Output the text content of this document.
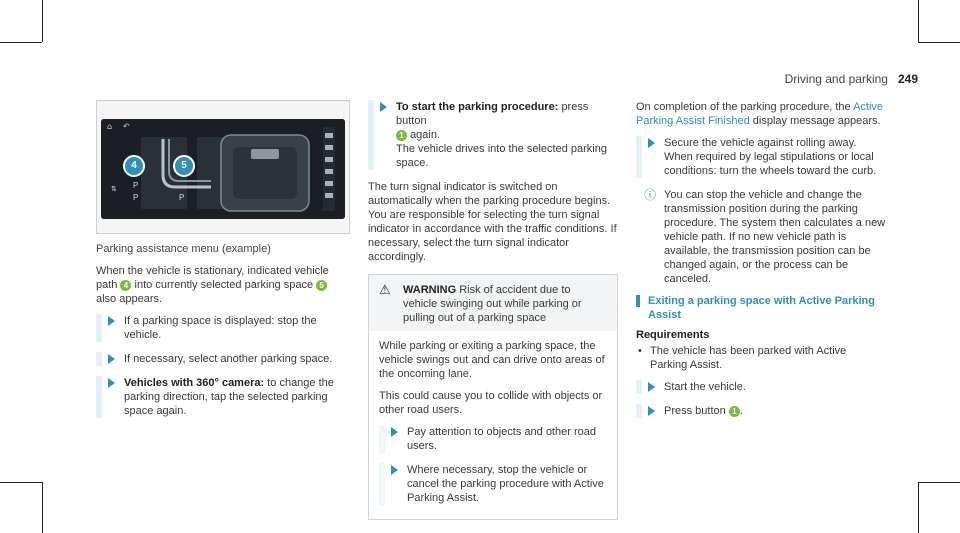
Driving and parking 249
⌂ ↶
⇅ P
P	P
4	5
Parking assistance menu (example)

When the vehicle is stationary, indicated vehicle path 4 into currently selected parking space 5 also appears.

If a parking space is displayed: stop the vehicle.
If necessary, select another parking space.
Vehicles with 360° camera: to change the parking direction, tap the selected parking space again.
To start the parking procedure: press button
1 again.
The vehicle drives into the selected parking space.

The turn signal indicator is switched on automatically when the parking procedure begins. You are responsible for selecting the turn signal indicator in accordance with the traffic conditions. If necessary, select the turn signal indicator accordingly.

⚠ WARNING Risk of accident due to vehicle swinging out while parking or pulling out of a parking space

While parking or exiting a parking space, the vehicle swings out and can drive onto areas of the oncoming lane.

This could cause you to collide with objects or other road users.

Pay attention to objects and other road users.
Where necessary, stop the vehicle or cancel the parking procedure with Active Parking Assist.

On completion of the parking procedure, the Active Parking Assist Finished display message appears.

Secure the vehicle against rolling away. When required by legal stipulations or local conditions: turn the wheels toward the curb.
ⓘ You can stop the vehicle and change the transmission position during the parking procedure. The system then calculates a new vehicle path. If no new vehicle path is available, the transmission position can be changed again, or the process can be canceled.
Exiting a parking space with Active Parking Assist
Requirements
• The vehicle has been parked with Active Parking Assist.
Start the vehicle.
Press button 1 .
